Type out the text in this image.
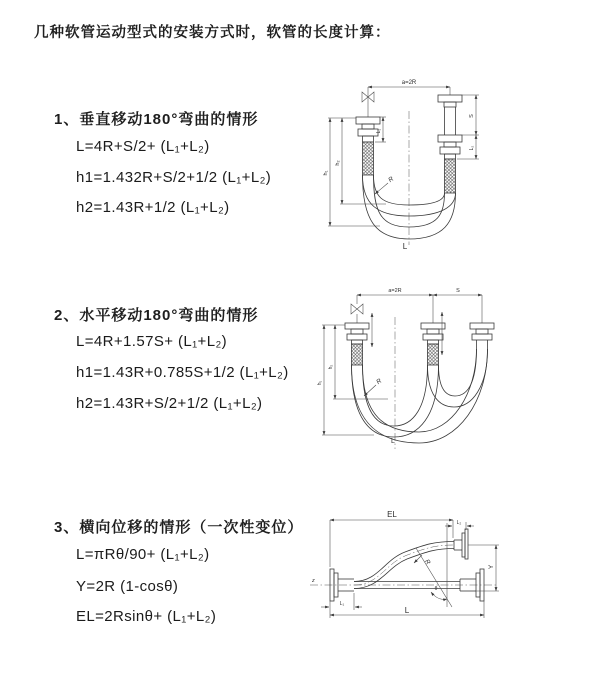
几种软管运动型式的安装方式时，软管的长度计算：
1、垂直移动180°弯曲的情形
L=4R+S/2+ (L₁+L₂)
h1=1.432R+S/2+1/2 (L₁+L₂)
h2=1.43R+1/2 (L₁+L₂)
2、水平移动180°弯曲的情形
L=4R+1.57S+ (L₁+L₂)
h1=1.43R+0.785S+1/2 (L₁+L₂)
h2=1.43R+S/2+1/2 (L₁+L₂)
3、横向位移的情形（一次性变位）
L=πRθ/90+ (L₁+L₂)
Y=2R (1-cosθ)
EL=2Rsinθ+ (L₁+L₂)
a=2R
h₁
h₂
L₁
S
L₂
R
L
a=2R	S
h₁
h₂
R
L
z
θ
R
EL
L₂
Y
L₁
L
